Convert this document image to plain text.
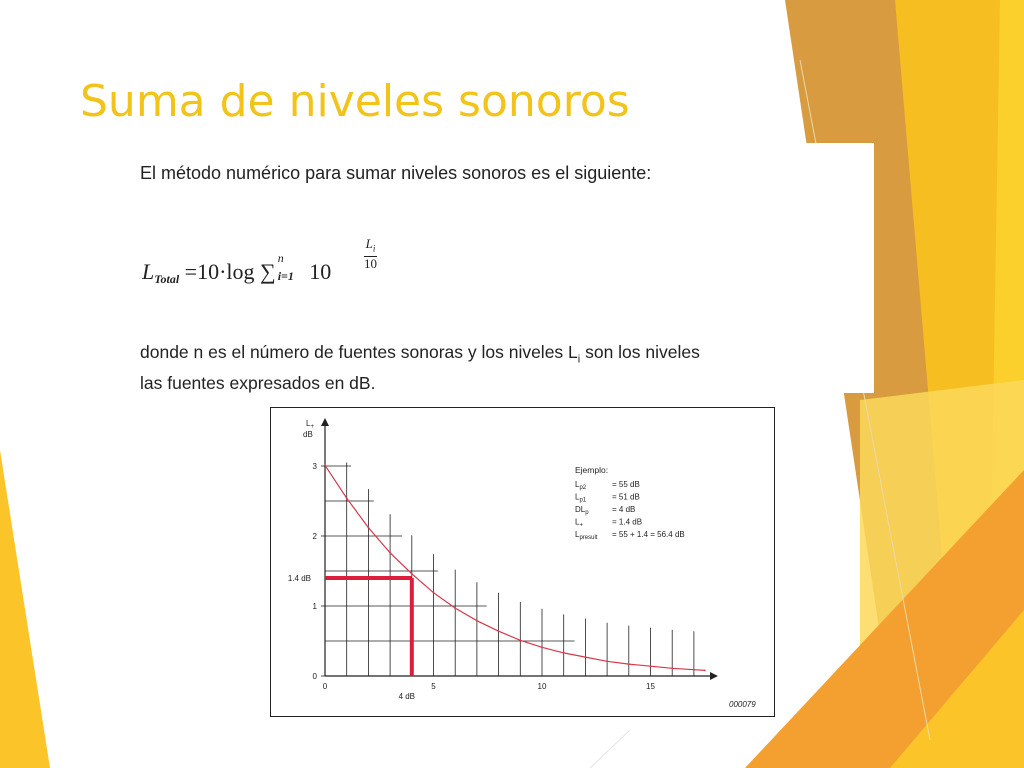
Suma de niveles sonoros
El método numérico para sumar niveles sonoros es el siguiente:
LTotal =10·log ∑
n
i=1 10
$\frac{L_i}{10}$
donde n es el número de fuentes sonoras y los niveles $L_i$ son los niveles
las fuentes expresados en dB.
0	5	10	15
0
1
2
3
$L_+$
dB
1.4 dB
4 dB
Ejemplo:
$L_{p2}$	= 55 dB
$L_{p1}$	= 51 dB
$DL_p$	= 4 dB
$L_+$	= 1.4 dB
$L_{presult} = 55 + 1.4 = 56.4$ dB
000079
